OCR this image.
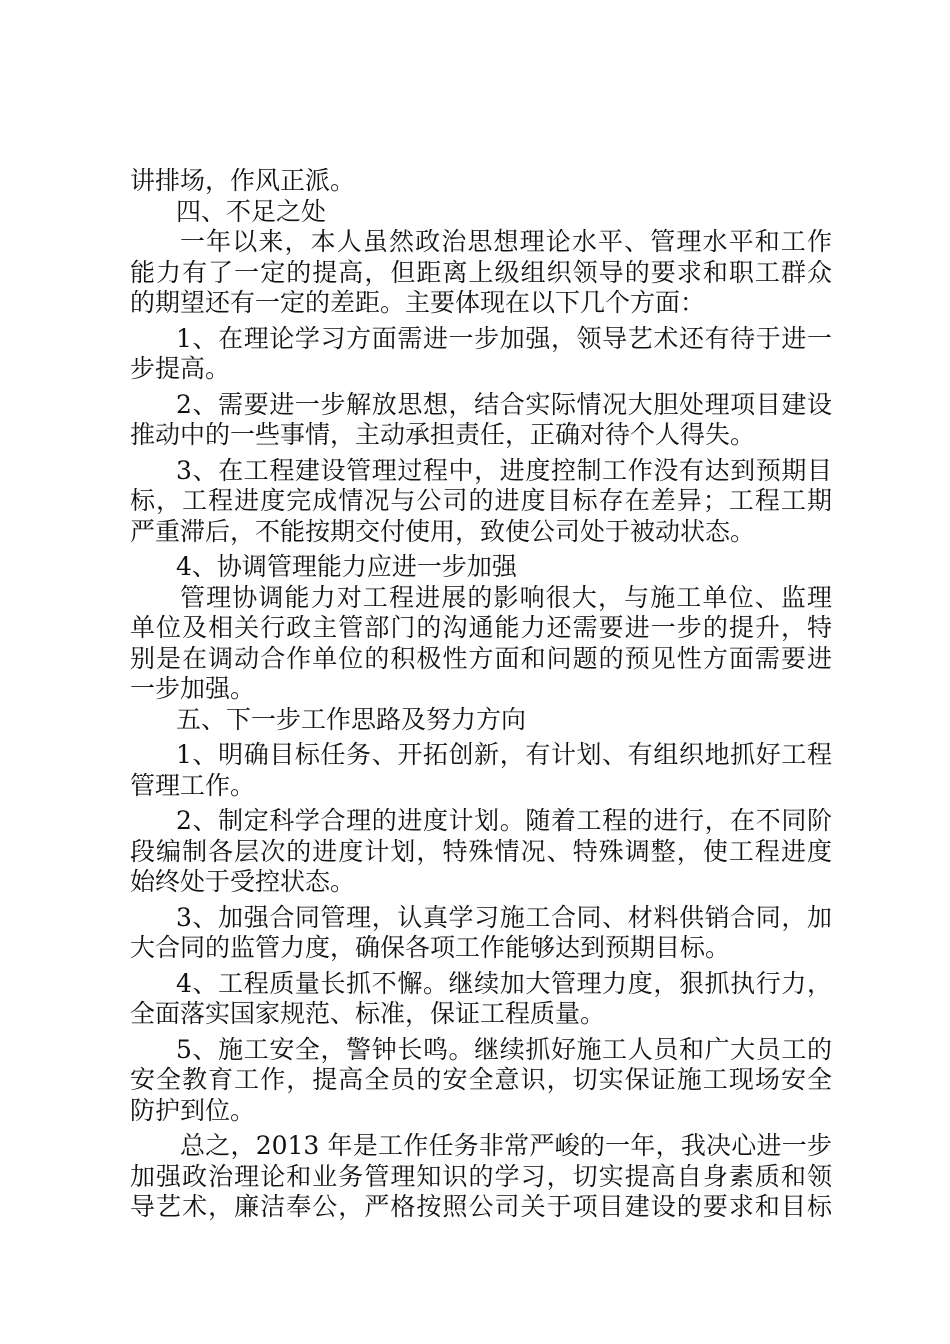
讲排场，作风正派。
四、不足之处
一年以来，本人虽然政治思想理论水平、管理水平和工作
能力有了一定的提高，但距离上级组织领导的要求和职工群众
的期望还有一定的差距。主要体现在以下几个方面：
1、在理论学习方面需进一步加强，领导艺术还有待于进一
步提高。
2、需要进一步解放思想，结合实际情况大胆处理项目建设
推动中的一些事情，主动承担责任，正确对待个人得失。
3、在工程建设管理过程中，进度控制工作没有达到预期目
标，工程进度完成情况与公司的进度目标存在差异；工程工期
严重滞后，不能按期交付使用，致使公司处于被动状态。
4、协调管理能力应进一步加强
管理协调能力对工程进展的影响很大，与施工单位、监理
单位及相关行政主管部门的沟通能力还需要进一步的提升，特
别是在调动合作单位的积极性方面和问题的预见性方面需要进
一步加强。
五、下一步工作思路及努力方向
1、明确目标任务、开拓创新，有计划、有组织地抓好工程
管理工作。
2、制定科学合理的进度计划。随着工程的进行，在不同阶
段编制各层次的进度计划，特殊情况、特殊调整，使工程进度
始终处于受控状态。
3、加强合同管理，认真学习施工合同、材料供销合同，加
大合同的监管力度，确保各项工作能够达到预期目标。
4、工程质量长抓不懈。继续加大管理力度，狠抓执行力，
全面落实国家规范、标准，保证工程质量。
5、施工安全，警钟长鸣。继续抓好施工人员和广大员工的
安全教育工作，提高全员的安全意识，切实保证施工现场安全
防护到位。
总之，2013 年是工作任务非常严峻的一年，我决心进一步
加强政治理论和业务管理知识的学习，切实提高自身素质和领
导艺术，廉洁奉公，严格按照公司关于项目建设的要求和目标
